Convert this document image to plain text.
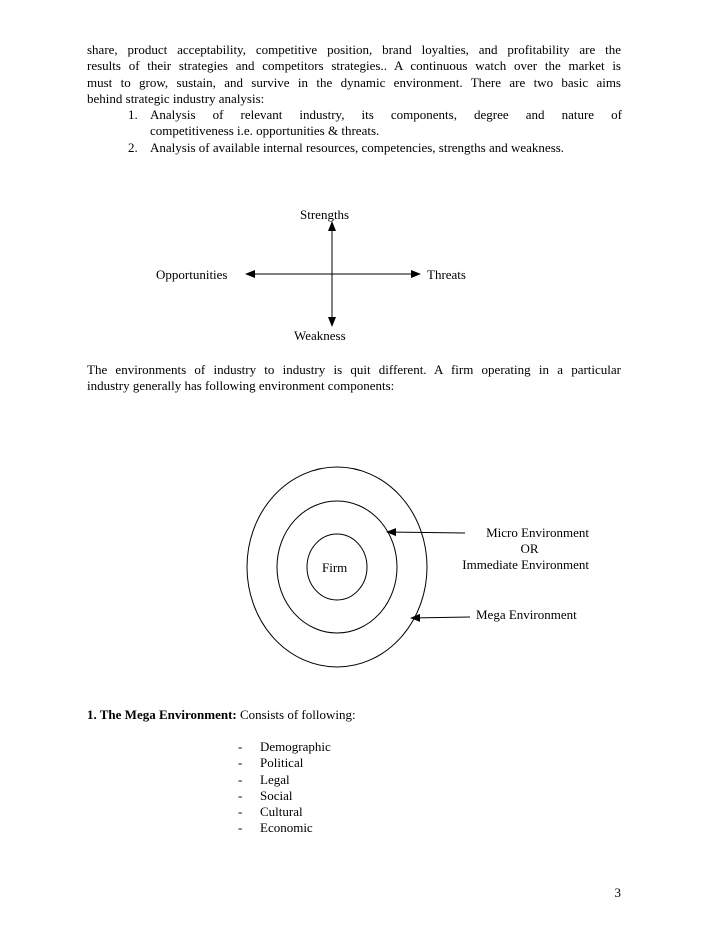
share, product acceptability, competitive position, brand loyalties, and profitability are the
results of their strategies and competitors strategies.. A continuous watch over the market is
must to grow, sustain, and survive in the dynamic environment. There are two basic aims
behind strategic industry analysis:
1. Analysis of relevant industry, its components, degree and nature of
competitiveness i.e. opportunities & threats.
2. Analysis of available internal resources, competencies, strengths and weakness.
Strengths
Opportunities	Threats
Weakness
The environments of industry to industry is quit different. A firm operating in a particular
industry generally has following environment components:
Firm
Micro Environment
OR
Immediate Environment
Mega Environment
1. The Mega Environment: Consists of following:
-	Demographic
-	Political
-	Legal
-	Social
-	Cultural
-	Economic
3
